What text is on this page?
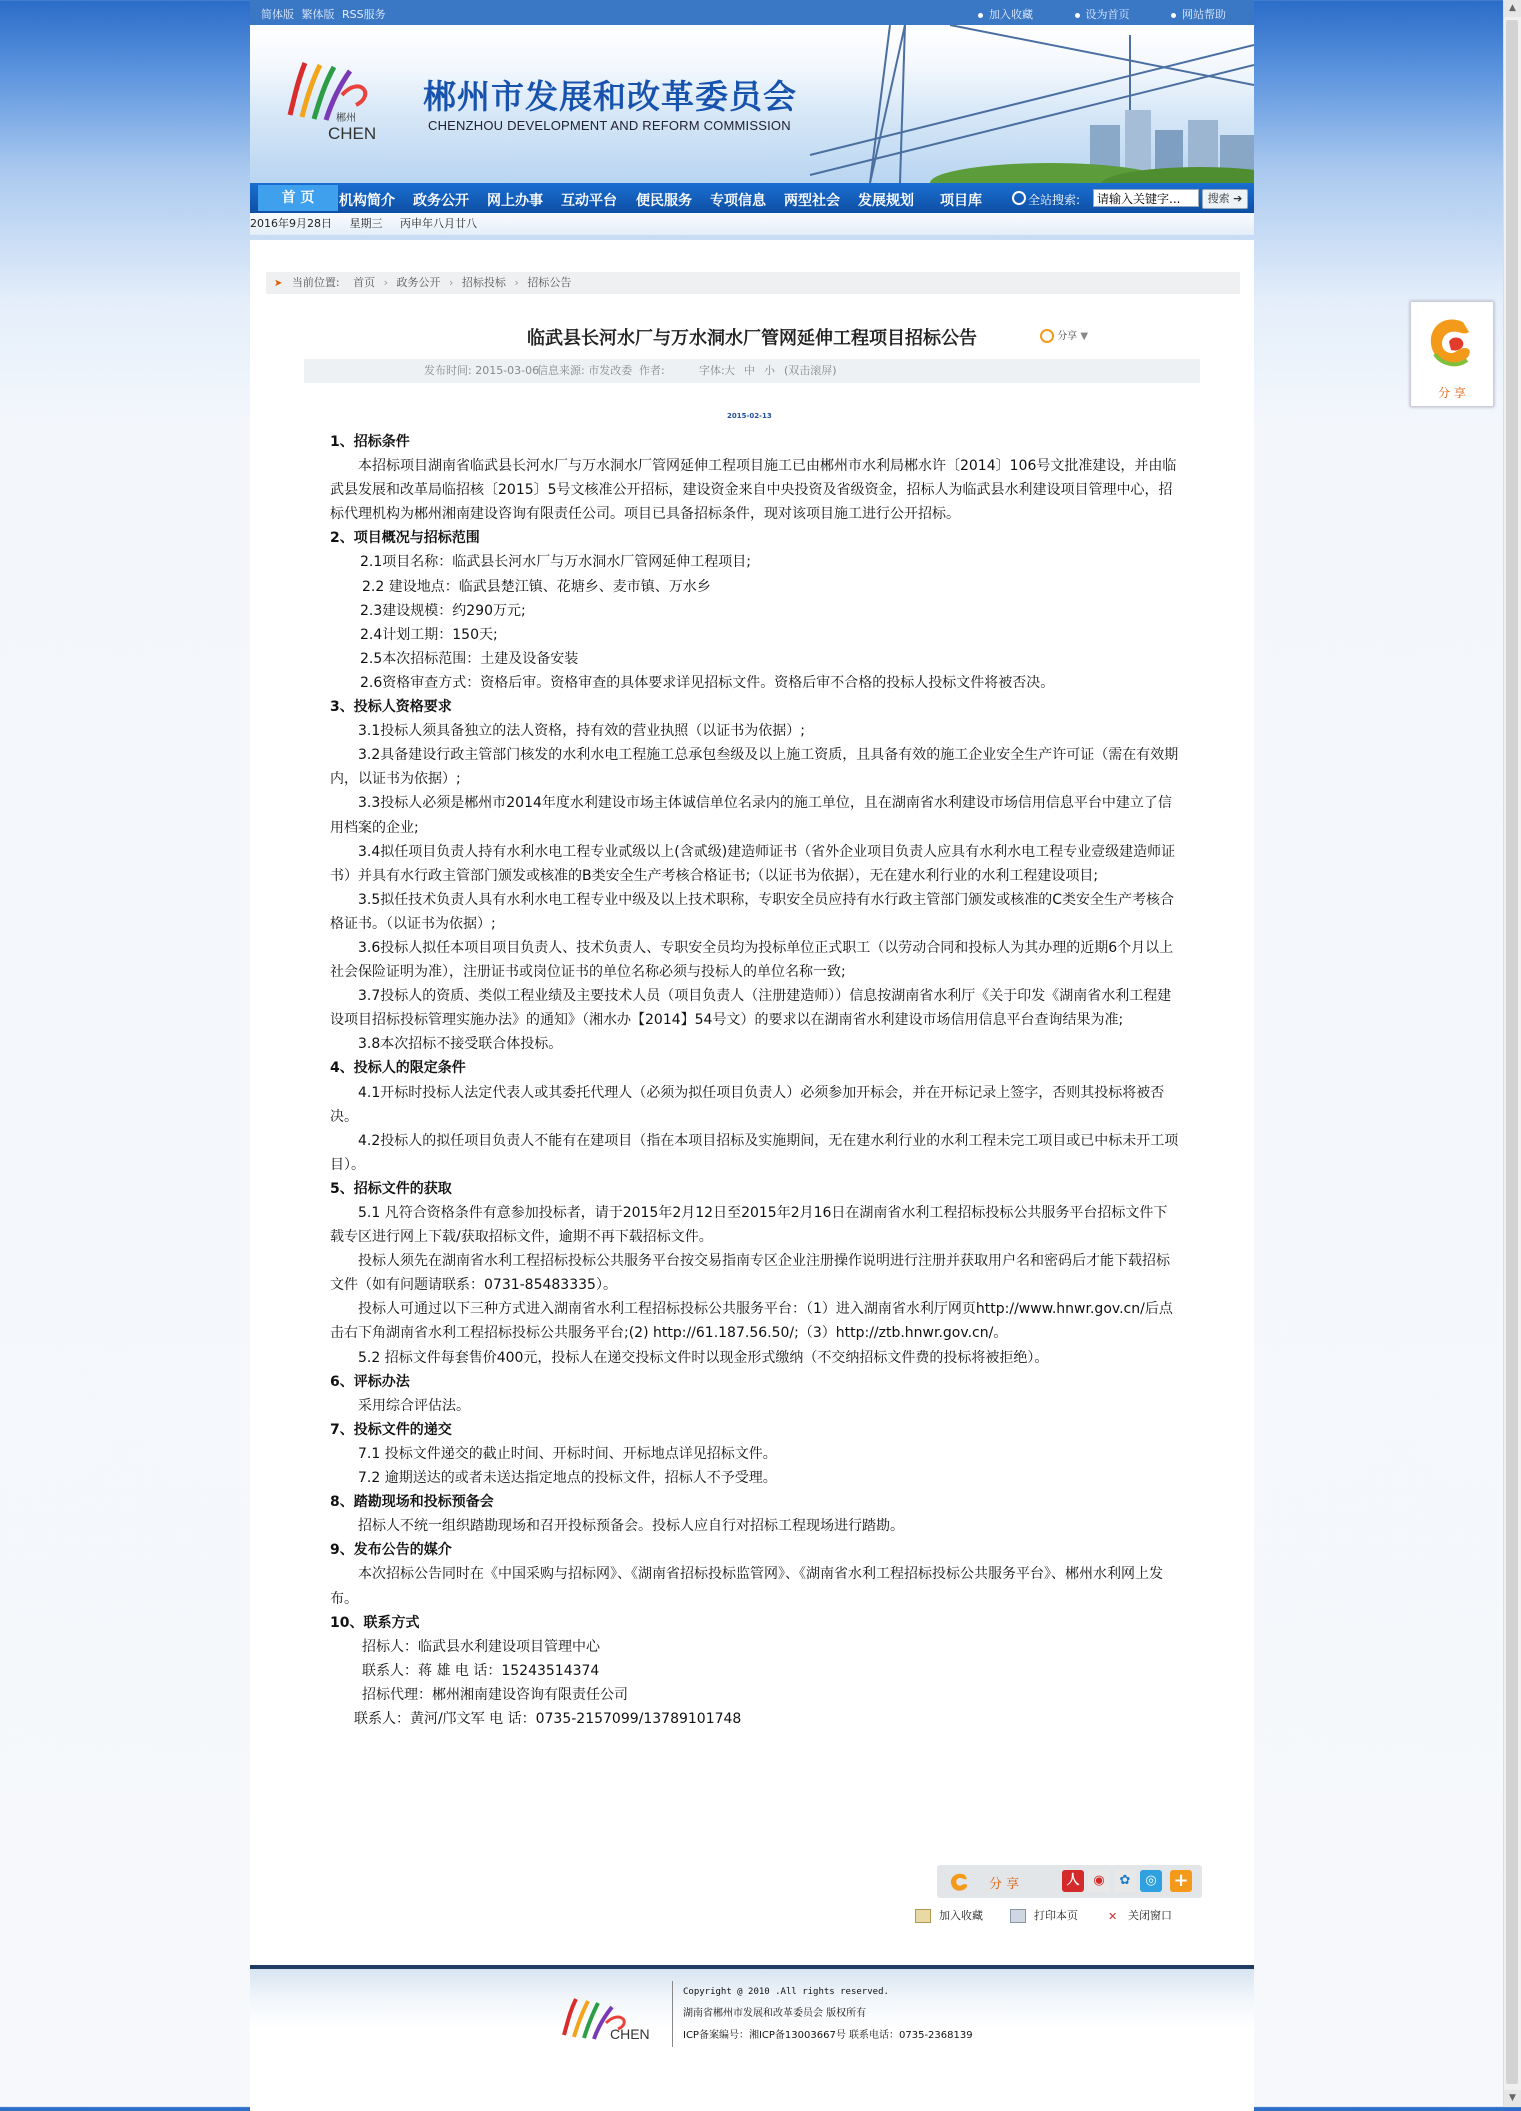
▲
▼
分 享
简体版 繁体版 RSS服务	加入收藏	设为首页	网站帮助
郴州
CHEN
郴州市发展和改革委员会
CHENZHOU DEVELOPMENT AND REFORM COMMISSION
首 页	机构简介 政务公开 网上办事 互动平台 便民服务 专项信息 两型社会 发展规划 项目库	全站搜索:
请输入关键字...	搜索 ➔
2016年9月28日 星期三 丙申年八月廿八
➤ 当前位置: 首页 › 政务公开 › 招标投标 › 招标公告
临武县长河水厂与万水洞水厂管网延伸工程项目招标公告	分享 ▼
发布时间: 2015-03-06
信息来源: 市发改委 作者:	字体: 大 中 小 (双击滚屏)
2015-02-13

1、招标条件

本招标项目湖南省临武县长河水厂与万水洞水厂管网延伸工程项目施工已由郴州市水利局郴水许〔2014〕106号文批准建设，并由临武县发展和改革局临招核〔2015〕5号文核准公开招标，建设资金来自中央投资及省级资金，招标人为临武县水利建设项目管理中心，招标代理机构为郴州湘南建设咨询有限责任公司。项目已具备招标条件，现对该项目施工进行公开招标。

2、项目概况与招标范围

2.1项目名称：临武县长河水厂与万水洞水厂管网延伸工程项目;

2.2 建设地点：临武县楚江镇、花塘乡、麦市镇、万水乡

2.3建设规模：约290万元;

2.4计划工期：150天;

2.5本次招标范围：土建及设备安装

2.6资格审查方式：资格后审。资格审查的具体要求详见招标文件。资格后审不合格的投标人投标文件将被否决。

3、投标人资格要求

3.1投标人须具备独立的法人资格，持有效的营业执照（以证书为依据）;

3.2具备建设行政主管部门核发的水利水电工程施工总承包叁级及以上施工资质，且具备有效的施工企业安全生产许可证（需在有效期内，以证书为依据）;

3.3投标人必须是郴州市2014年度水利建设市场主体诚信单位名录内的施工单位，且在湖南省水利建设市场信用信息平台中建立了信用档案的企业;

3.4拟任项目负责人持有水利水电工程专业贰级以上(含贰级)建造师证书（省外企业项目负责人应具有水利水电工程专业壹级建造师证书）并具有水行政主管部门颁发或核准的B类安全生产考核合格证书;（以证书为依据），无在建水利行业的水利工程建设项目;

3.5拟任技术负责人具有水利水电工程专业中级及以上技术职称，专职安全员应持有水行政主管部门颁发或核准的C类安全生产考核合格证书。（以证书为依据）;

3.6投标人拟任本项目项目负责人、技术负责人、专职安全员均为投标单位正式职工（以劳动合同和投标人为其办理的近期6个月以上社会保险证明为准），注册证书或岗位证书的单位名称必须与投标人的单位名称一致;

3.7投标人的资质、类似工程业绩及主要技术人员（项目负责人（注册建造师））信息按湖南省水利厅《关于印发《湖南省水利工程建设项目招标投标管理实施办法》的通知》（湘水办【2014】54号文）的要求以在湖南省水利建设市场信用信息平台查询结果为准;

3.8本次招标不接受联合体投标。

4、投标人的限定条件

4.1开标时投标人法定代表人或其委托代理人（必须为拟任项目负责人）必须参加开标会，并在开标记录上签字，否则其投标将被否决。

4.2投标人的拟任项目负责人不能有在建项目（指在本项目招标及实施期间，无在建水利行业的水利工程未完工项目或已中标未开工项目）。

5、招标文件的获取

5.1 凡符合资格条件有意参加投标者，请于2015年2月12日至2015年2月16日在湖南省水利工程招标投标公共服务平台招标文件下载专区进行网上下载/获取招标文件，逾期不再下载招标文件。

投标人须先在湖南省水利工程招标投标公共服务平台按交易指南专区企业注册操作说明进行注册并获取用户名和密码后才能下载招标文件（如有问题请联系：0731-85483335）。

投标人可通过以下三种方式进入湖南省水利工程招标投标公共服务平台：（1）进入湖南省水利厅网页http://www.hnwr.gov.cn/后点击右下角湖南省水利工程招标投标公共服务平台;(2) http://61.187.56.50/;（3）http://ztb.hnwr.gov.cn/。

5.2 招标文件每套售价400元，投标人在递交投标文件时以现金形式缴纳（不交纳招标文件费的投标将被拒绝）。

6、评标办法

采用综合评估法。

7、投标文件的递交

7.1 投标文件递交的截止时间、开标时间、开标地点详见招标文件。

7.2 逾期送达的或者未送达指定地点的投标文件，招标人不予受理。

8、踏勘现场和投标预备会

招标人不统一组织踏勘现场和召开投标预备会。投标人应自行对招标工程现场进行踏勘。

9、发布公告的媒介

本次招标公告同时在《中国采购与招标网》、《湖南省招标投标监管网》、《湖南省水利工程招标投标公共服务平台》、郴州水利网上发布。

10、联系方式

招标人：临武县水利建设项目管理中心

联系人：蒋 雄 电 话：15243514374

招标代理：郴州湘南建设咨询有限责任公司

联系人：黄河/邝文军 电 话：0735-2157099/13789101748

分 享	人	◉	✿	◎ +
加入收藏	打印本页	✕ 关闭窗口
CHEN
Copyright @ 2010 .All rights reserved.
湖南省郴州市发展和改革委员会 版权所有
ICP备案编号：湘ICP备13003667号 联系电话：0735-2368139
